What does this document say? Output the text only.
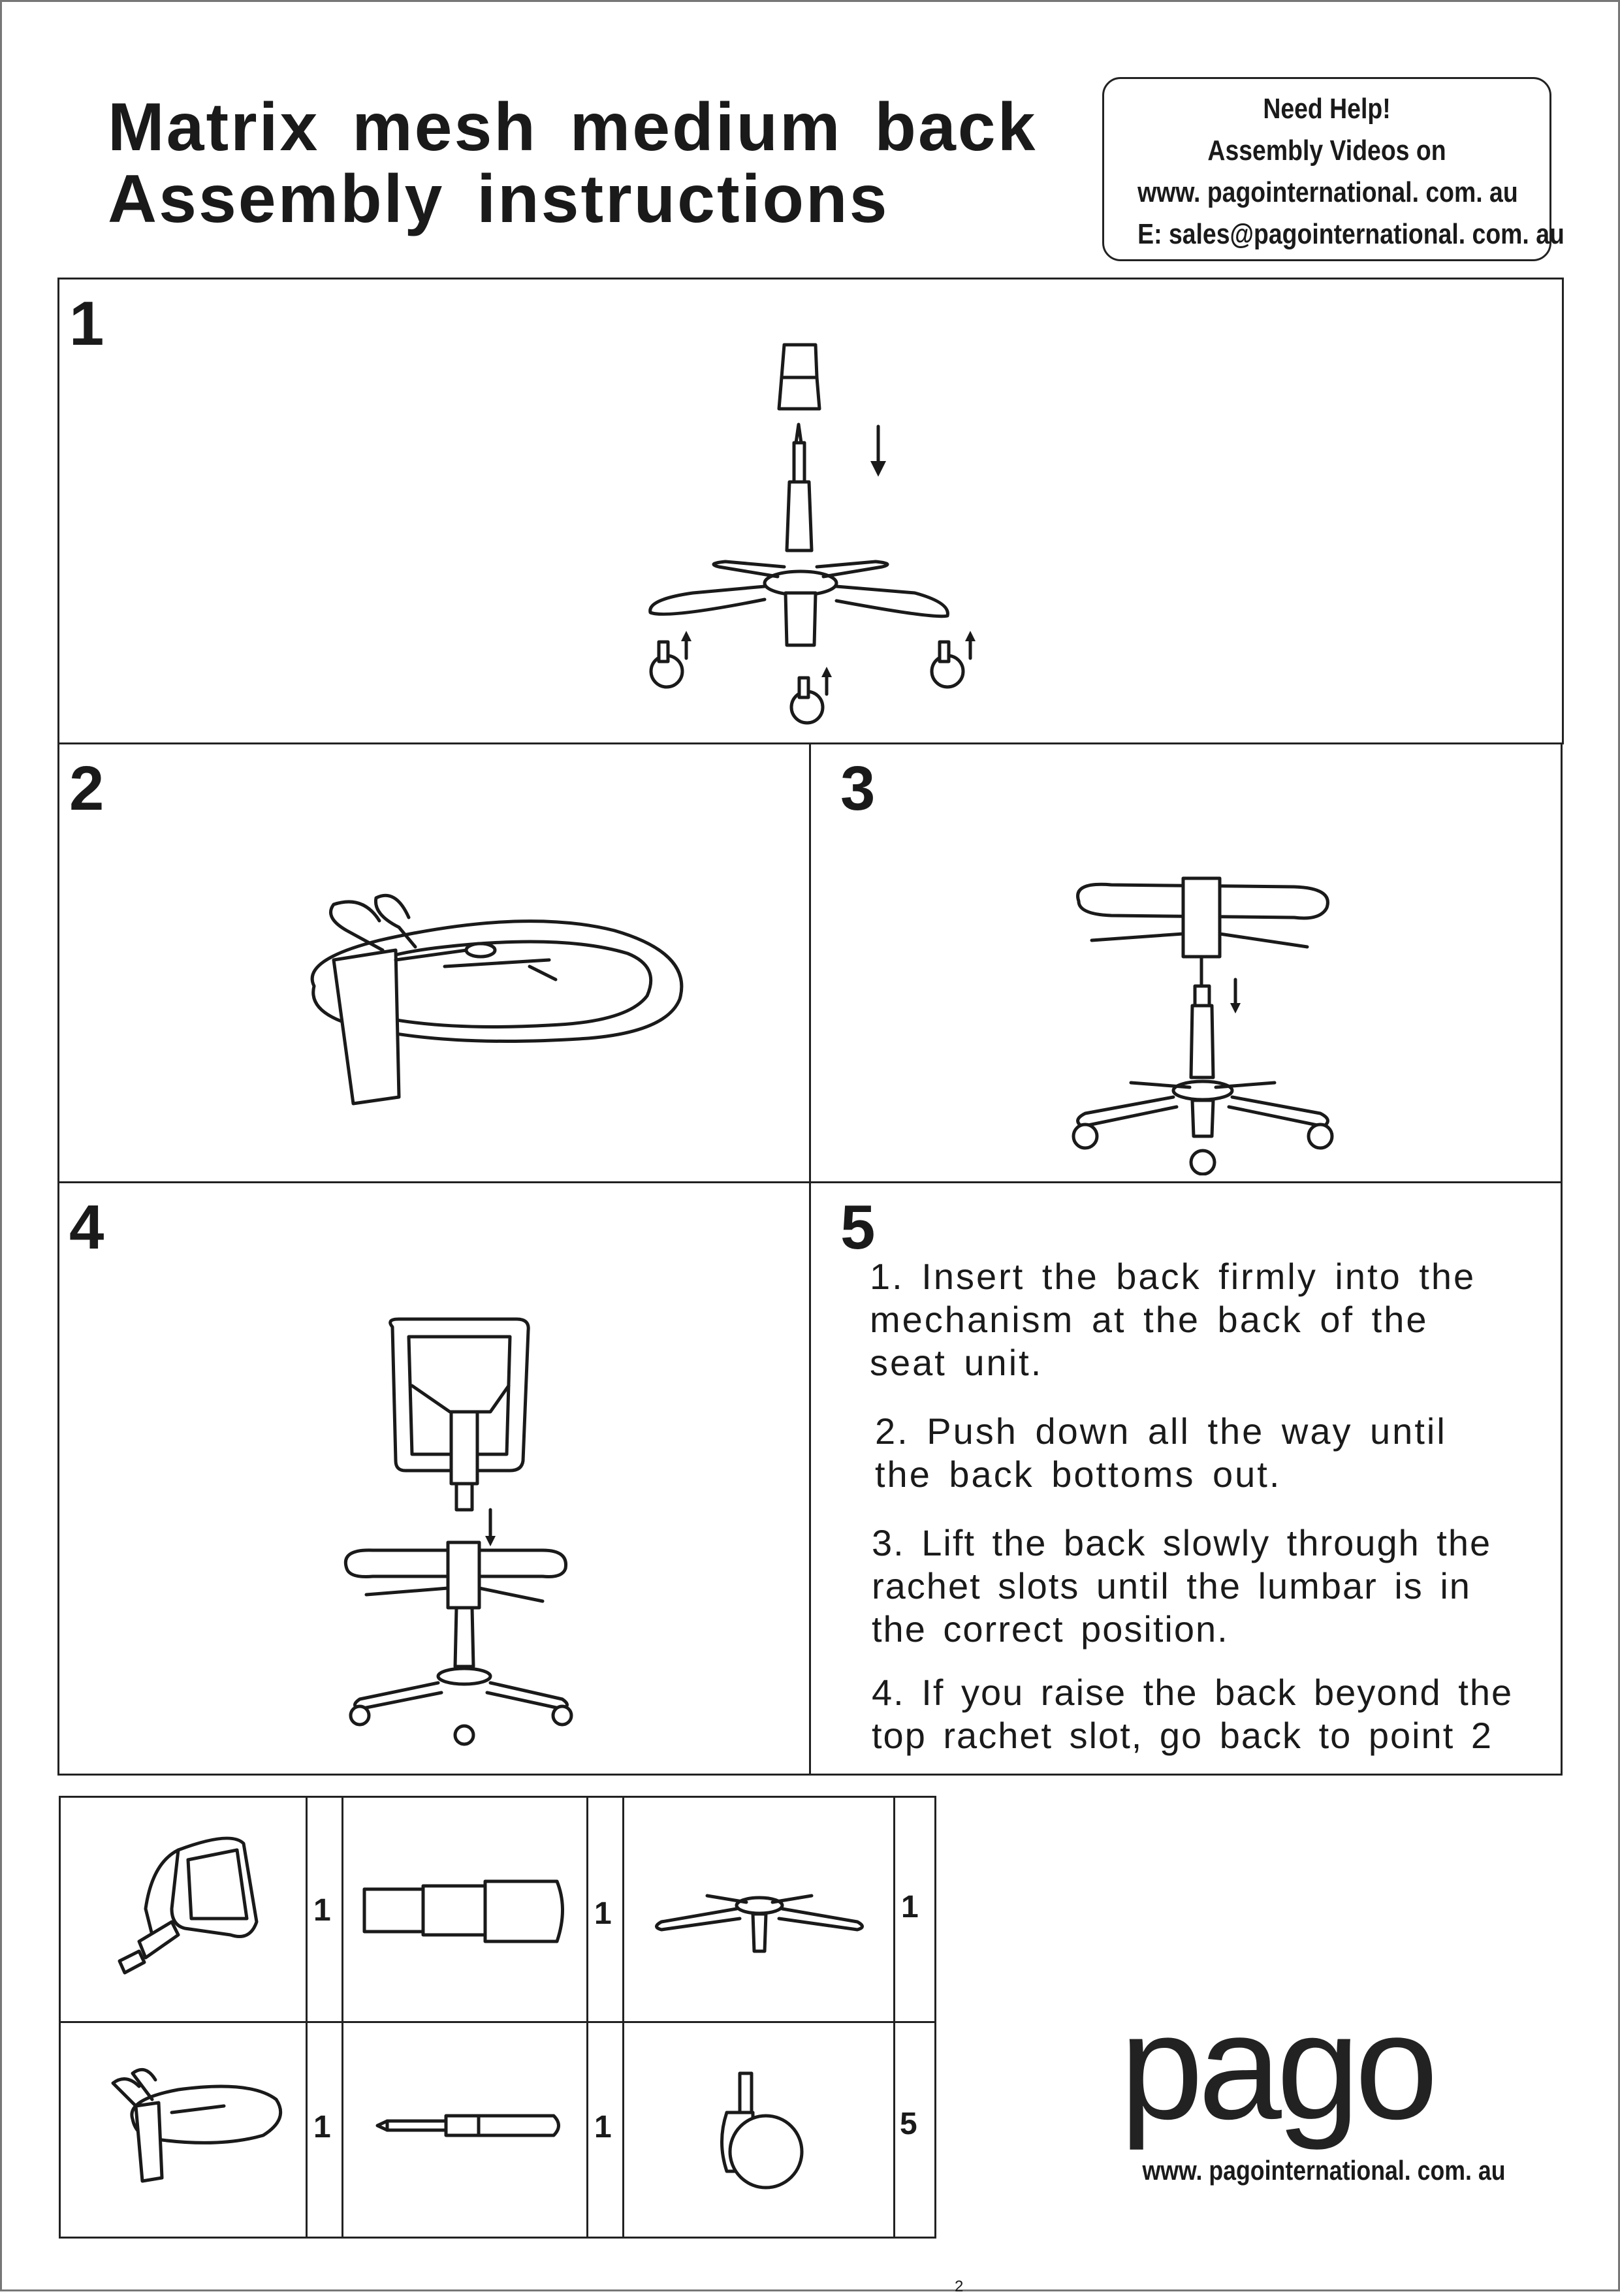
Matrix mesh medium back
Assembly instructions
Need Help!
Assembly Videos on
www. pagointernational. com. au
E: sales@pagointernational. com. au
1
2	3
4	5
1. Insert the back firmly into the
mechanism at the back of the
seat unit.
2. Push down all the way until
the back bottoms out.
3. Lift the back slowly through the
rachet slots until the lumbar is in
the correct position.
4. If you raise the back beyond the
top rachet slot, go back to point 2
1	1	1
1	1	5 pago
www. pagointernational. com. au
2
